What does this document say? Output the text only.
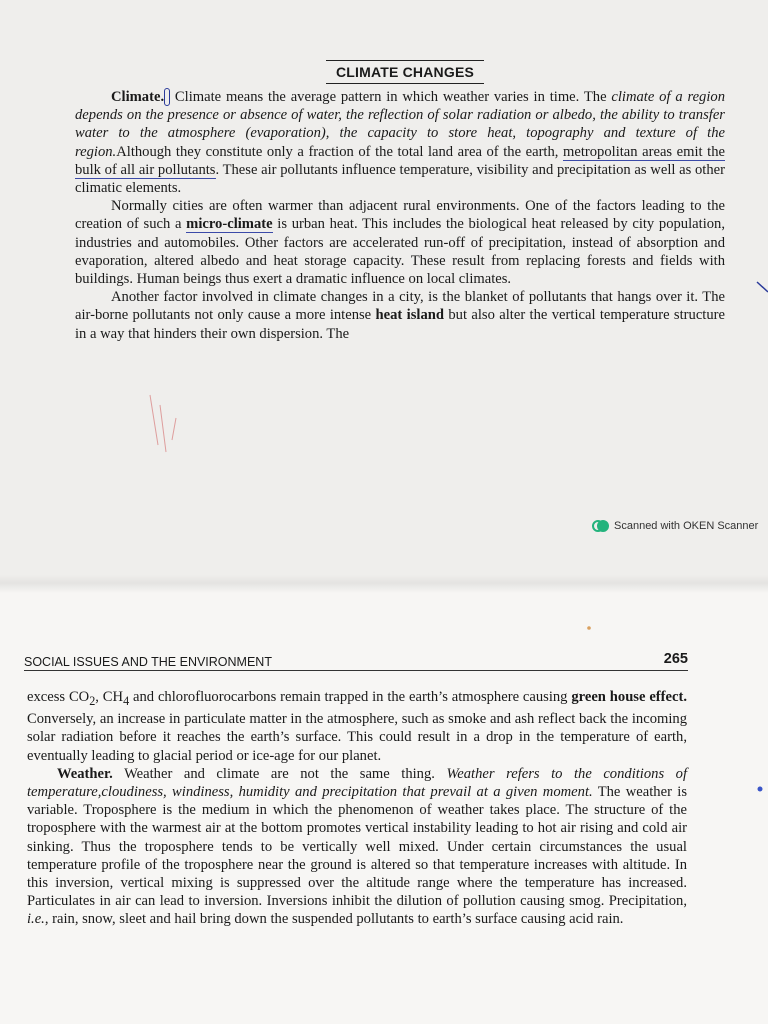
CLIMATE CHANGES

Climate. Climate means the average pattern in which weather varies in time. The climate of a region depends on the presence or absence of water, the reflection of solar radiation or albedo, the ability to transfer water to the atmosphere (evaporation), the capacity to store heat, topography and texture of the region.Although they constitute only a fraction of the total land area of the earth, metropolitan areas emit the bulk of all air pollutants. These air pollutants influence temperature, visibility and precipitation as well as other climatic elements.

Normally cities are often warmer than adjacent rural environments. One of the factors leading to the creation of such a micro-climate is urban heat. This includes the biological heat released by city population, industries and automobiles. Other factors are accelerated run-off of precipitation, instead of absorption and evaporation, altered albedo and heat storage capacity. These result from replacing forests and fields with buildings. Human beings thus exert a dramatic influence on local climates.

Another factor involved in climate changes in a city, is the blanket of pollutants that hangs over it. The air-borne pollutants not only cause a more intense heat island but also alter the vertical temperature structure in a way that hinders their own dispersion. The

Scanned with OKEN Scanner
SOCIAL ISSUES AND THE ENVIRONMENT	265

excess $CO_2$, $CH_4$ and chlorofluorocarbons remain trapped in the earth’s atmosphere causing green house effect. Conversely, an increase in particulate matter in the atmosphere, such as smoke and ash reflect back the incoming solar radiation before it reaches the earth’s surface. This could result in a drop in the temperature of earth, eventually leading to glacial period or ice-age for our planet.

Weather. Weather and climate are not the same thing. Weather refers to the conditions of temperature,cloudiness, windiness, humidity and precipitation that prevail at a given moment. The weather is variable. Troposphere is the medium in which the phenomenon of weather takes place. The structure of the troposphere with the warmest air at the bottom promotes vertical instability leading to hot air rising and cold air sinking. Thus the troposphere tends to be vertically well mixed. Under certain circumstances the usual temperature profile of the troposphere near the ground is altered so that temperature increases with altitude. In this inversion, vertical mixing is suppressed over the altitude range where the temperature has increased. Particulates in air can lead to inversion. Inversions inhibit the dilution of pollution causing smog. Precipitation, i.e., rain, snow, sleet and hail bring down the suspended pollutants to earth’s surface causing acid rain.
